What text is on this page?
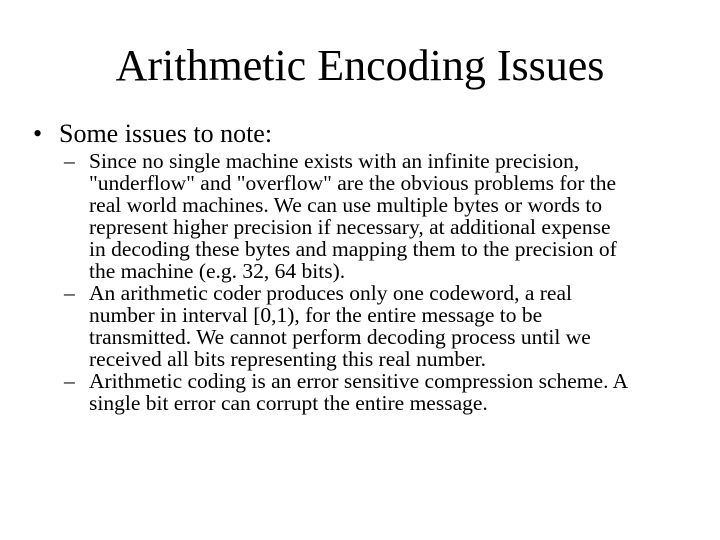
Arithmetic Encoding Issues
• Some issues to note:
– Since no single machine exists with an infinite precision,
"underflow" and "overflow" are the obvious problems for the
real world machines. We can use multiple bytes or words to
represent higher precision if necessary, at additional expense
in decoding these bytes and mapping them to the precision of
the machine (e.g. 32, 64 bits).
– An arithmetic coder produces only one codeword, a real
number in interval [0,1), for the entire message to be
transmitted. We cannot perform decoding process until we
received all bits representing this real number.
– Arithmetic coding is an error sensitive compression scheme. A
single bit error can corrupt the entire message.
